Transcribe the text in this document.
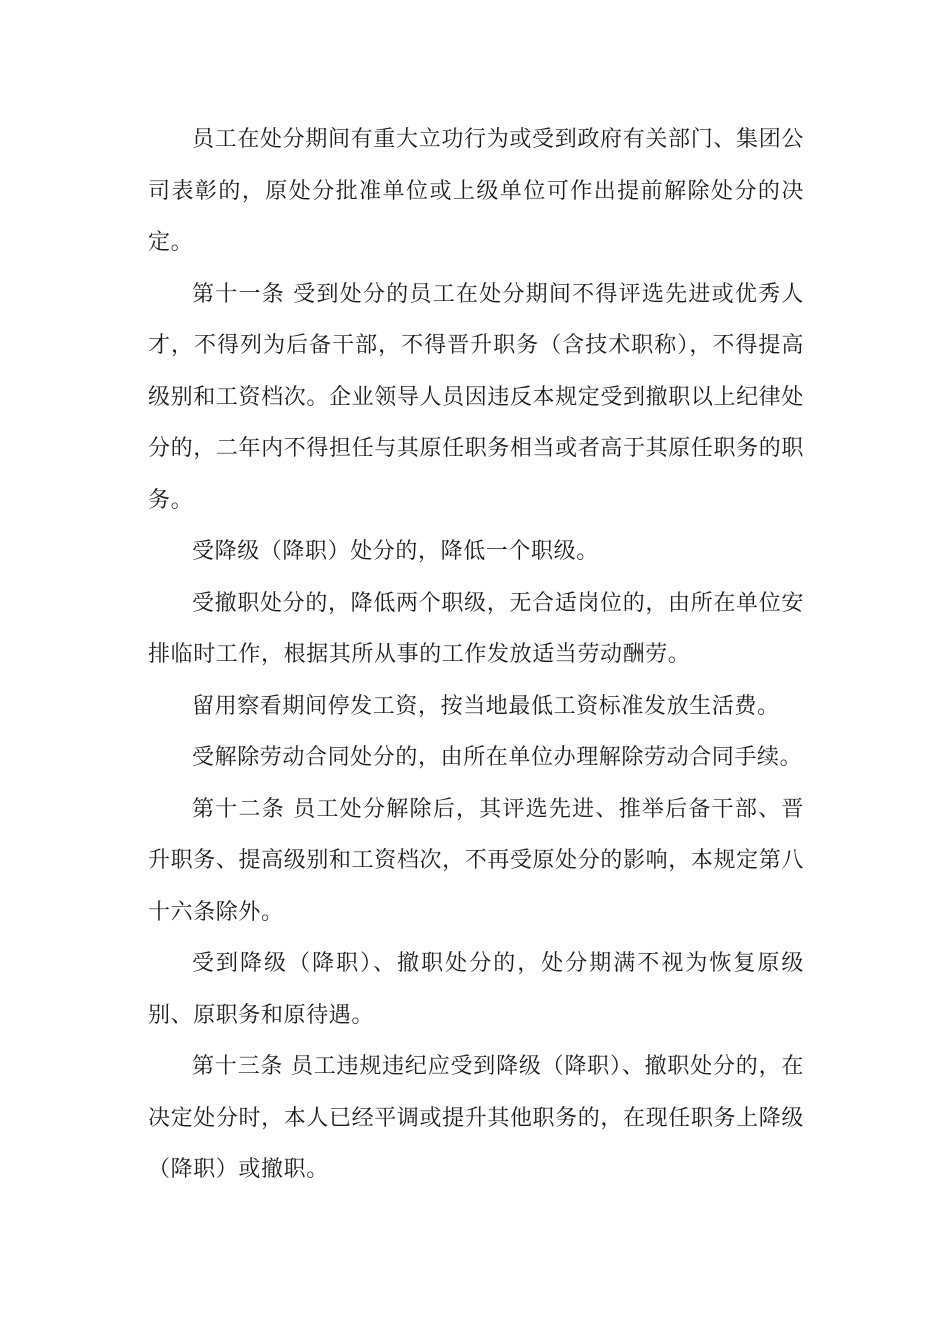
员工在处分期间有重大立功行为或受到政府有关部门、集团公司表彰的，原处分批准单位或上级单位可作出提前解除处分的决定。

第十一条 受到处分的员工在处分期间不得评选先进或优秀人才，不得列为后备干部，不得晋升职务（含技术职称），不得提高级别和工资档次。企业领导人员因违反本规定受到撤职以上纪律处分的，二年内不得担任与其原任职务相当或者高于其原任职务的职务。

受降级（降职）处分的，降低一个职级。

受撤职处分的，降低两个职级，无合适岗位的，由所在单位安排临时工作，根据其所从事的工作发放适当劳动酬劳。

留用察看期间停发工资，按当地最低工资标准发放生活费。

受解除劳动合同处分的，由所在单位办理解除劳动合同手续。

第十二条 员工处分解除后，其评选先进、推举后备干部、晋升职务、提高级别和工资档次，不再受原处分的影响，本规定第八十六条除外。

受到降级（降职）、撤职处分的，处分期满不视为恢复原级别、原职务和原待遇。

第十三条 员工违规违纪应受到降级（降职）、撤职处分的，在决定处分时，本人已经平调或提升其他职务的，在现任职务上降级（降职）或撤职。
